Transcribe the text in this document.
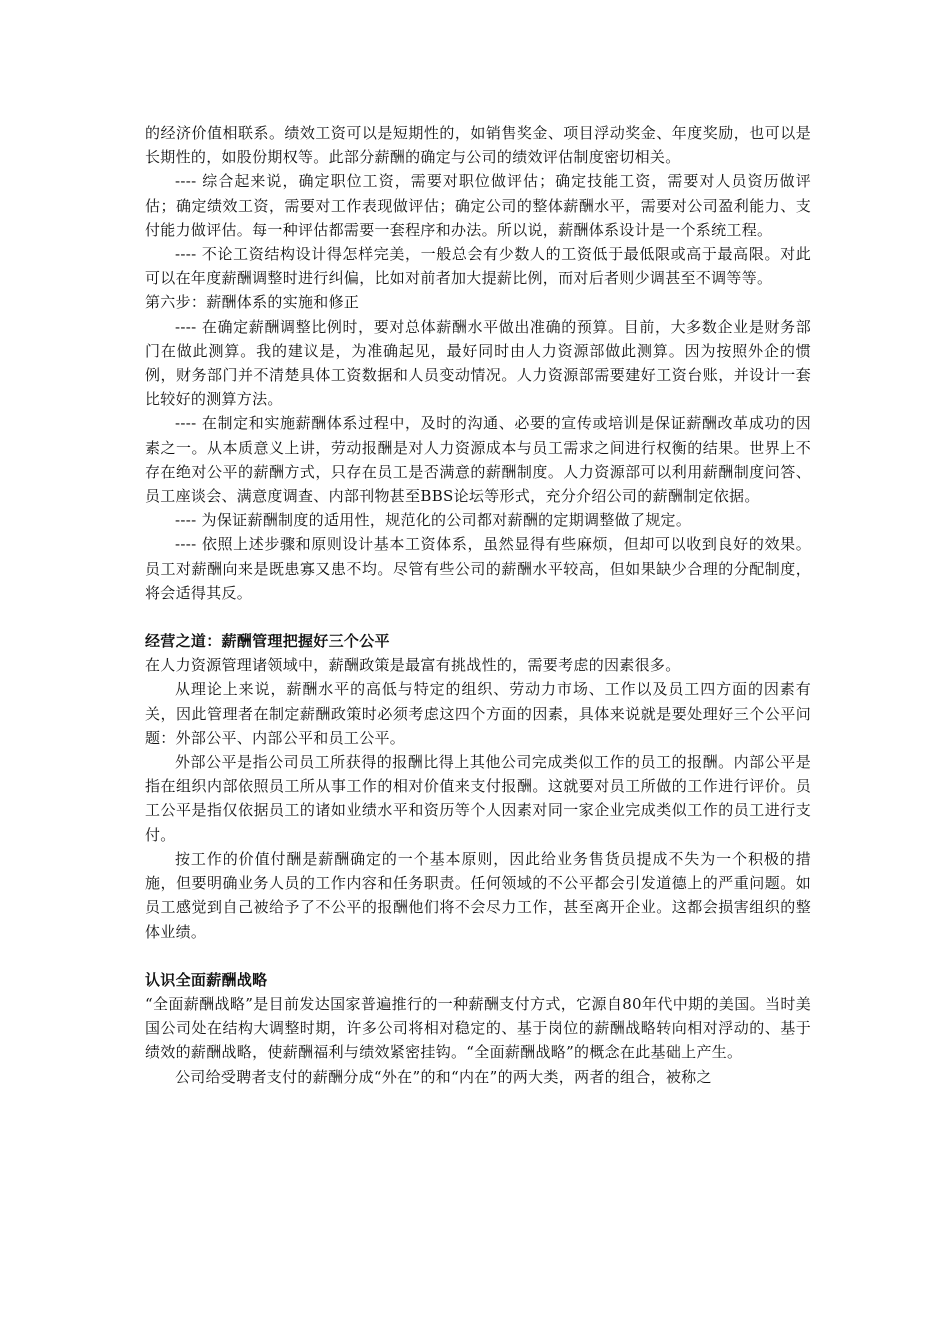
的经济价值相联系。绩效工资可以是短期性的，如销售奖金、项目浮动奖金、年度奖励，也可以是长期性的，如股份期权等。此部分薪酬的确定与公司的绩效评估制度密切相关。

---- 综合起来说，确定职位工资，需要对职位做评估；确定技能工资，需要对人员资历做评估；确定绩效工资，需要对工作表现做评估；确定公司的整体薪酬水平，需要对公司盈利能力、支付能力做评估。每一种评估都需要一套程序和办法。所以说，薪酬体系设计是一个系统工程。

---- 不论工资结构设计得怎样完美，一般总会有少数人的工资低于最低限或高于最高限。对此可以在年度薪酬调整时进行纠偏，比如对前者加大提薪比例，而对后者则少调甚至不调等等。

第六步：薪酬体系的实施和修正

---- 在确定薪酬调整比例时，要对总体薪酬水平做出准确的预算。目前，大多数企业是财务部门在做此测算。我的建议是，为准确起见，最好同时由人力资源部做此测算。因为按照外企的惯例，财务部门并不清楚具体工资数据和人员变动情况。人力资源部需要建好工资台账，并设计一套比较好的测算方法。

---- 在制定和实施薪酬体系过程中，及时的沟通、必要的宣传或培训是保证薪酬改革成功的因素之一。从本质意义上讲，劳动报酬是对人力资源成本与员工需求之间进行权衡的结果。世界上不存在绝对公平的薪酬方式，只存在员工是否满意的薪酬制度。人力资源部可以利用薪酬制度问答、员工座谈会、满意度调查、内部刊物甚至BBS论坛等形式，充分介绍公司的薪酬制定依据。

---- 为保证薪酬制度的适用性，规范化的公司都对薪酬的定期调整做了规定。

---- 依照上述步骤和原则设计基本工资体系，虽然显得有些麻烦，但却可以收到良好的效果。员工对薪酬向来是既患寡又患不均。尽管有些公司的薪酬水平较高，但如果缺少合理的分配制度，将会适得其反。

经营之道：薪酬管理把握好三个公平

在人力资源管理诸领域中，薪酬政策是最富有挑战性的，需要考虑的因素很多。

从理论上来说，薪酬水平的高低与特定的组织、劳动力市场、工作以及员工四方面的因素有关，因此管理者在制定薪酬政策时必须考虑这四个方面的因素，具体来说就是要处理好三个公平问题：外部公平、内部公平和员工公平。

外部公平是指公司员工所获得的报酬比得上其他公司完成类似工作的员工的报酬。内部公平是指在组织内部依照员工所从事工作的相对价值来支付报酬。这就要对员工所做的工作进行评价。员工公平是指仅依据员工的诸如业绩水平和资历等个人因素对同一家企业完成类似工作的员工进行支付。

按工作的价值付酬是薪酬确定的一个基本原则，因此给业务售货员提成不失为一个积极的措施，但要明确业务人员的工作内容和任务职责。任何领域的不公平都会引发道德上的严重问题。如员工感觉到自己被给予了不公平的报酬他们将不会尽力工作，甚至离开企业。这都会损害组织的整体业绩。

认识全面薪酬战略

“全面薪酬战略”是目前发达国家普遍推行的一种薪酬支付方式，它源自80年代中期的美国。当时美国公司处在结构大调整时期，许多公司将相对稳定的、基于岗位的薪酬战略转向相对浮动的、基于绩效的薪酬战略，使薪酬福利与绩效紧密挂钩。“全面薪酬战略”的概念在此基础上产生。

公司给受聘者支付的薪酬分成“外在”的和“内在”的两大类，两者的组合，被称之
